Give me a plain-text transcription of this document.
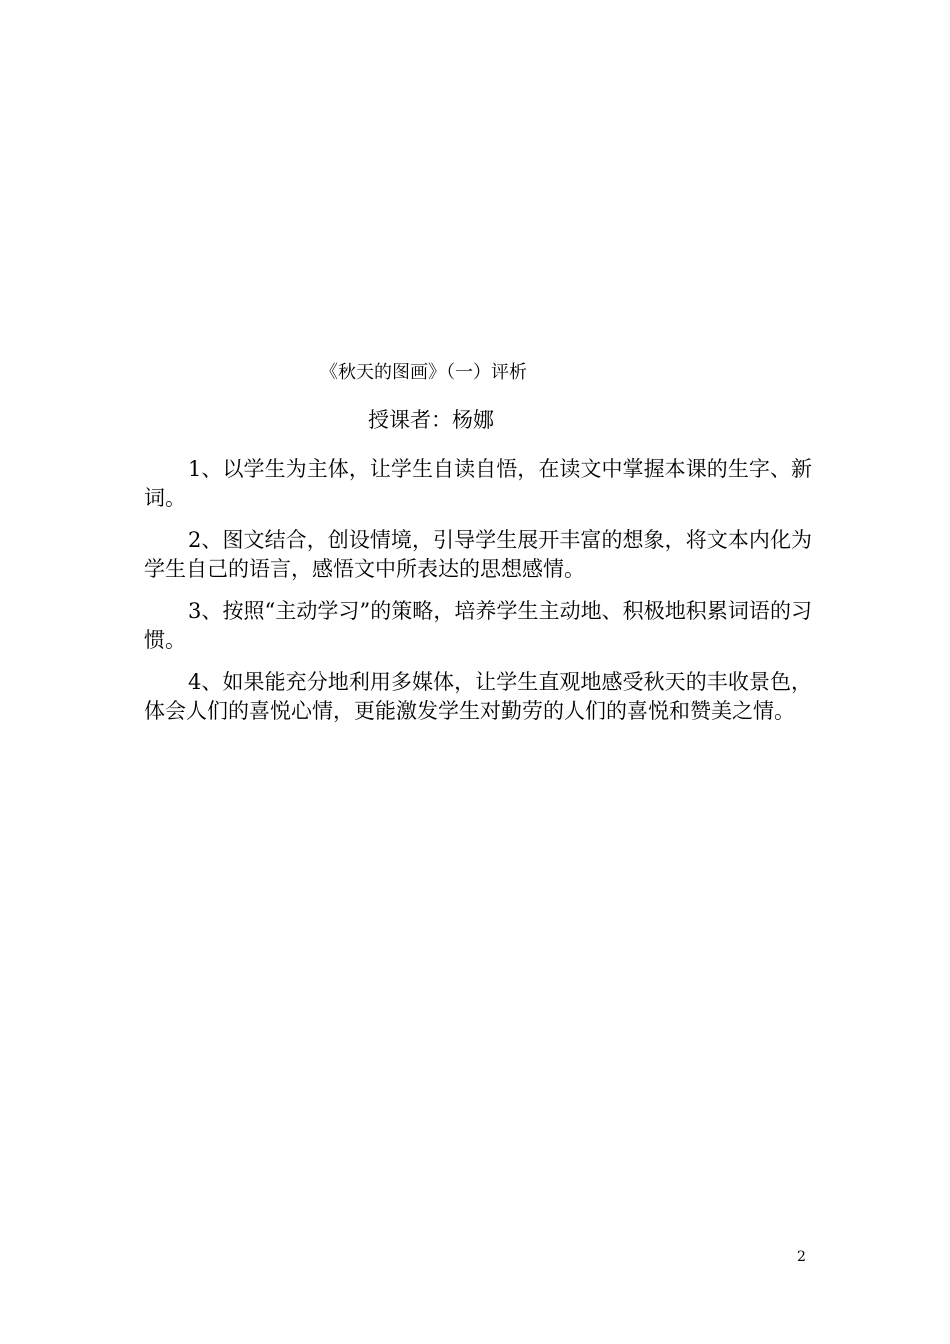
《秋天的图画》（一）评析
授课者：杨娜

1、以学生为主体，让学生自读自悟，在读文中掌握本课的生字、新词。

2、图文结合，创设情境，引导学生展开丰富的想象，将文本内化为学生自己的语言，感悟文中所表达的思想感情。

3、按照“主动学习”的策略，培养学生主动地、积极地积累词语的习惯。

4、如果能充分地利用多媒体，让学生直观地感受秋天的丰收景色，体会人们的喜悦心情，更能激发学生对勤劳的人们的喜悦和赞美之情。

2
